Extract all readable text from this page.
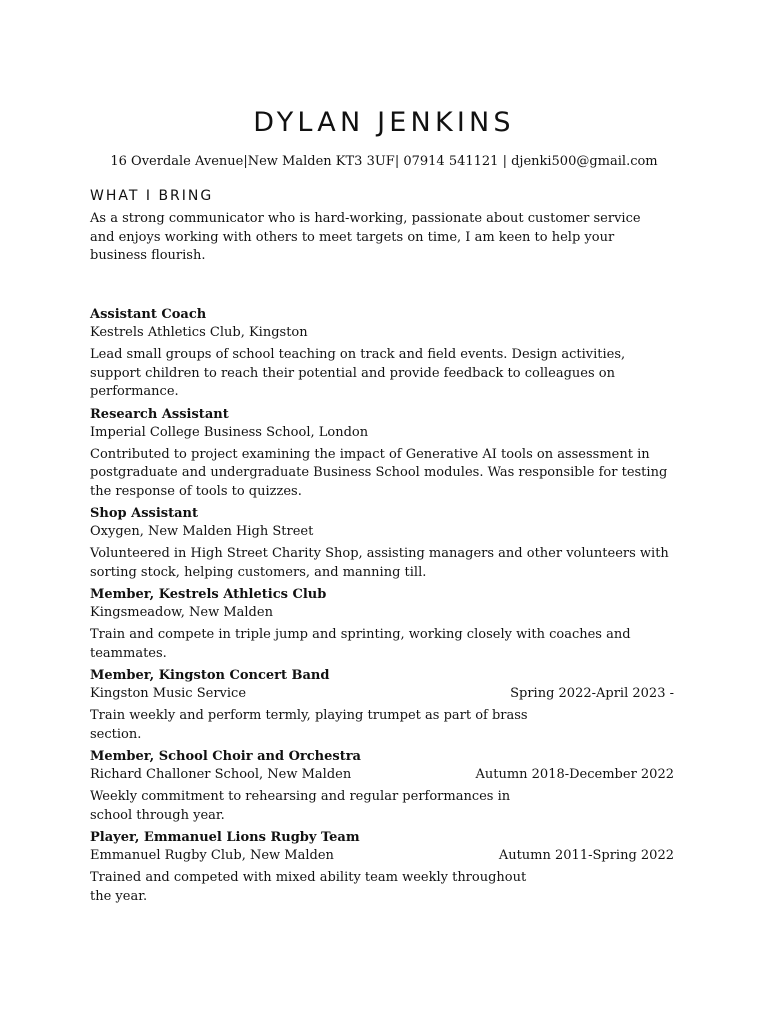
DYLAN JENKINS
16 Overdale Avenue|New Malden KT3 3UF| 07914 541121 | djenki500@gmail.com
WHAT I BRING
As a strong communicator who is hard-working, passionate about customer service and enjoys working with others to meet targets on time, I am keen to help your business flourish.
Assistant Coach
Kestrels Athletics Club, Kingston
Lead small groups of school teaching on track and field events. Design activities, support children to reach their potential and provide feedback to colleagues on performance.
Research Assistant
Imperial College Business School, London
Contributed to project examining the impact of Generative AI tools on assessment in postgraduate and undergraduate Business School modules. Was responsible for testing the response of tools to quizzes.
Shop Assistant
Oxygen, New Malden High Street
Volunteered in High Street Charity Shop, assisting managers and other volunteers with sorting stock, helping customers, and manning till.
Member, Kestrels Athletics Club
Kingsmeadow, New Malden
Train and compete in triple jump and sprinting, working closely with coaches and teammates.
Member, Kingston Concert Band
Kingston Music Service	Spring 2022-April 2023 -
Train weekly and perform termly, playing trumpet as part of brass section.
Member, School Choir and Orchestra
Richard Challoner School, New Malden	Autumn 2018-December 2022
Weekly commitment to rehearsing and regular performances in school through year.
Player, Emmanuel Lions Rugby Team
Emmanuel Rugby Club, New Malden	Autumn 2011-Spring 2022
Trained and competed with mixed ability team weekly throughout the year.
